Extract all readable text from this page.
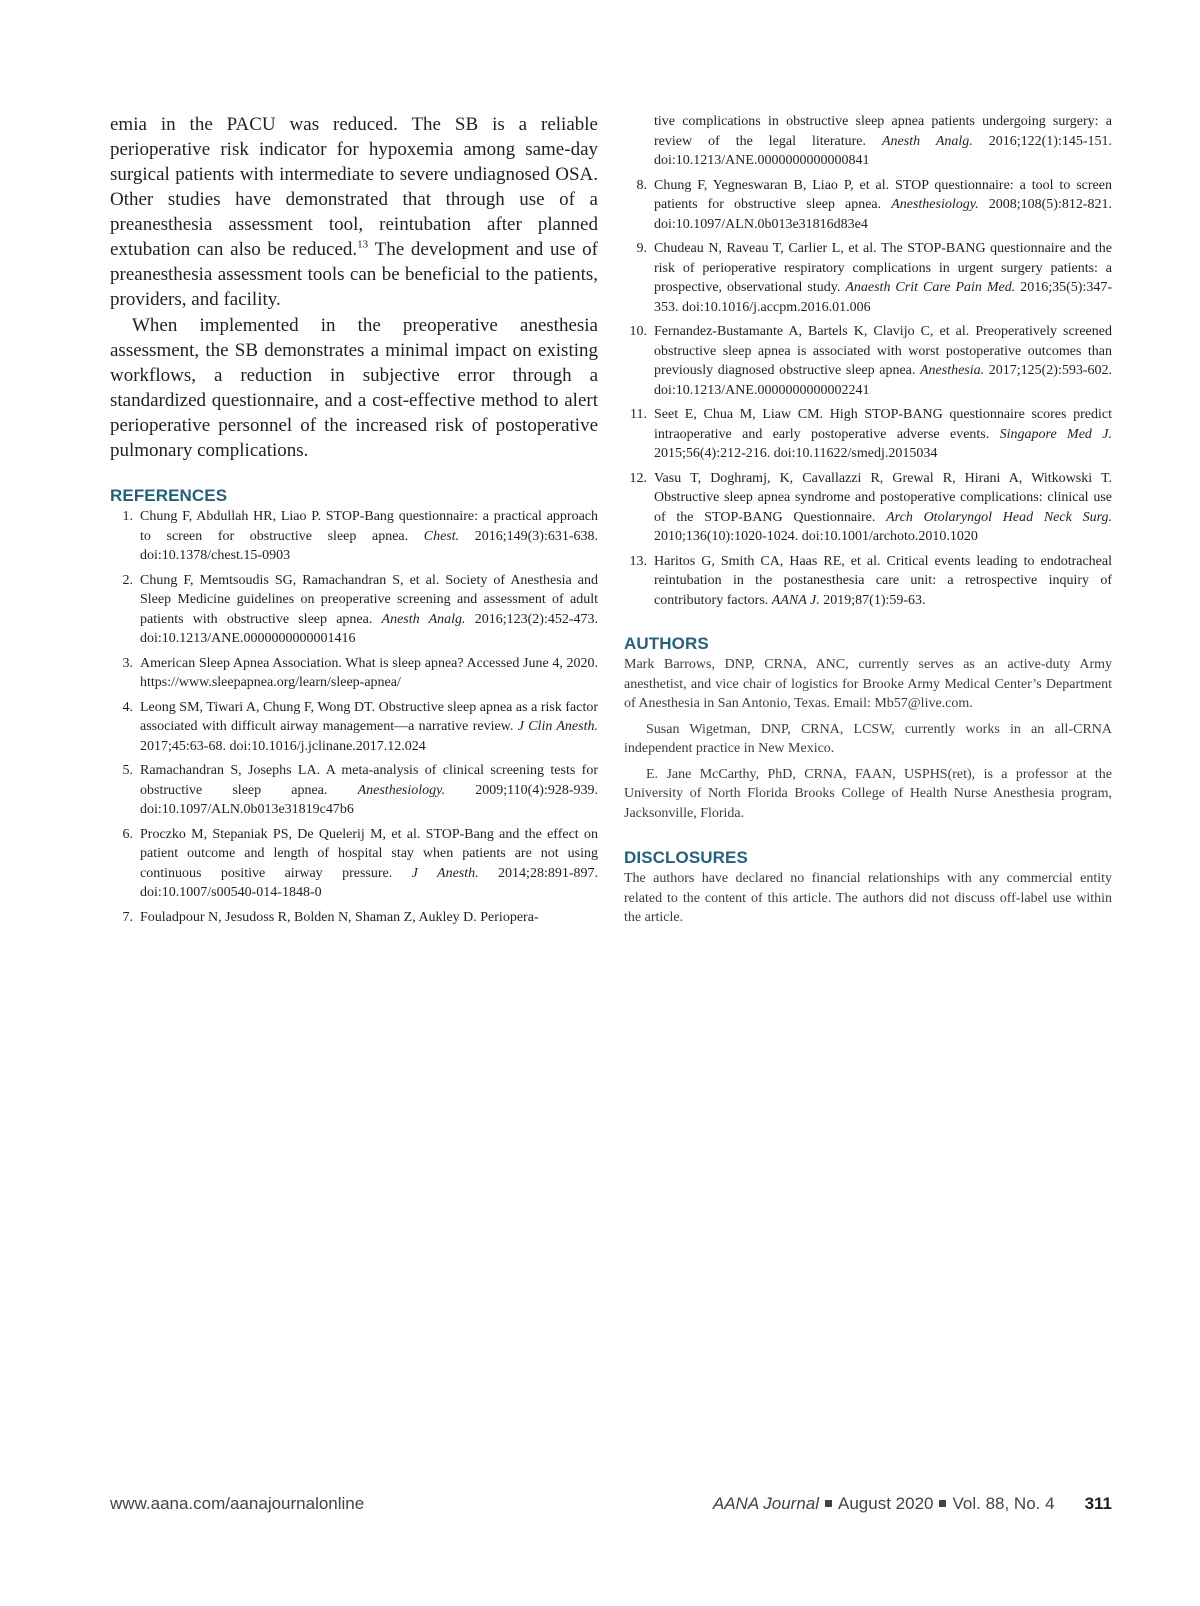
emia in the PACU was reduced. The SB is a reliable perioperative risk indicator for hypoxemia among same-day surgical patients with intermediate to severe undiagnosed OSA. Other studies have demonstrated that through use of a preanesthesia assessment tool, reintubation after planned extubation can also be reduced.$^{13}$ The development and use of preanesthesia assessment tools can be beneficial to the patients, providers, and facility.

When implemented in the preoperative anesthesia assessment, the SB demonstrates a minimal impact on existing workflows, a reduction in subjective error through a standardized questionnaire, and a cost-effective method to alert perioperative personnel of the increased risk of postoperative pulmonary complications.

REFERENCES
1. Chung F, Abdullah HR, Liao P. STOP-Bang questionnaire: a practical approach to screen for obstructive sleep apnea. Chest. 2016;149(3):631-638. doi:10.1378/chest.15-0903
2. Chung F, Memtsoudis SG, Ramachandran S, et al. Society of Anesthesia and Sleep Medicine guidelines on preoperative screening and assessment of adult patients with obstructive sleep apnea. Anesth Analg. 2016;123(2):452-473. doi:10.1213/ANE.0000000000001416
3. American Sleep Apnea Association. What is sleep apnea? Accessed June 4, 2020. https://www.sleepapnea.org/learn/sleep-apnea/
4. Leong SM, Tiwari A, Chung F, Wong DT. Obstructive sleep apnea as a risk factor associated with difficult airway management—a narrative review. J Clin Anesth. 2017;45:63-68. doi:10.1016/j.jclinane.2017.12.024
5. Ramachandran S, Josephs LA. A meta-analysis of clinical screening tests for obstructive sleep apnea. Anesthesiology. 2009;110(4):928-939. doi:10.1097/ALN.0b013e31819c47b6
6. Proczko M, Stepaniak PS, De Quelerij M, et al. STOP-Bang and the effect on patient outcome and length of hospital stay when patients are not using continuous positive airway pressure. J Anesth. 2014;28:891-897. doi:10.1007/s00540-014-1848-0
7. Fouladpour N, Jesudoss R, Bolden N, Shaman Z, Aukley D. Periopera-

tive complications in obstructive sleep apnea patients undergoing surgery: a review of the legal literature. Anesth Analg. 2016;122(1):145-151. doi:10.1213/ANE.0000000000000841

8. Chung F, Yegneswaran B, Liao P, et al. STOP questionnaire: a tool to screen patients for obstructive sleep apnea. Anesthesiology. 2008;108(5):812-821. doi:10.1097/ALN.0b013e31816d83e4
9. Chudeau N, Raveau T, Carlier L, et al. The STOP-BANG questionnaire and the risk of perioperative respiratory complications in urgent surgery patients: a prospective, observational study. Anaesth Crit Care Pain Med. 2016;35(5):347-353. doi:10.1016/j.accpm.2016.01.006
10. Fernandez-Bustamante A, Bartels K, Clavijo C, et al. Preoperatively screened obstructive sleep apnea is associated with worst postoperative outcomes than previously diagnosed obstructive sleep apnea. Anesthesia. 2017;125(2):593-602. doi:10.1213/ANE.0000000000002241
11. Seet E, Chua M, Liaw CM. High STOP-BANG questionnaire scores predict intraoperative and early postoperative adverse events. Singapore Med J. 2015;56(4):212-216. doi:10.11622/smedj.2015034
12. Vasu T, Doghramj, K, Cavallazzi R, Grewal R, Hirani A, Witkowski T. Obstructive sleep apnea syndrome and postoperative complications: clinical use of the STOP-BANG Questionnaire. Arch Otolaryngol Head Neck Surg. 2010;136(10):1020-1024. doi:10.1001/archoto.2010.1020
13. Haritos G, Smith CA, Haas RE, et al. Critical events leading to endotracheal reintubation in the postanesthesia care unit: a retrospective inquiry of contributory factors. AANA J. 2019;87(1):59-63.
AUTHORS

Mark Barrows, DNP, CRNA, ANC, currently serves as an active-duty Army anesthetist, and vice chair of logistics for Brooke Army Medical Center’s Department of Anesthesia in San Antonio, Texas. Email: Mb57@live.com.

Susan Wigetman, DNP, CRNA, LCSW, currently works in an all-CRNA independent practice in New Mexico.

E. Jane McCarthy, PhD, CRNA, FAAN, USPHS(ret), is a professor at the University of North Florida Brooks College of Health Nurse Anesthesia program, Jacksonville, Florida.

DISCLOSURES

The authors have declared no financial relationships with any commercial entity related to the content of this article. The authors did not discuss off-label use within the article.

www.aana.com/aanajournalonline	AANA Journal August 2020 Vol. 88, No. 4 311
